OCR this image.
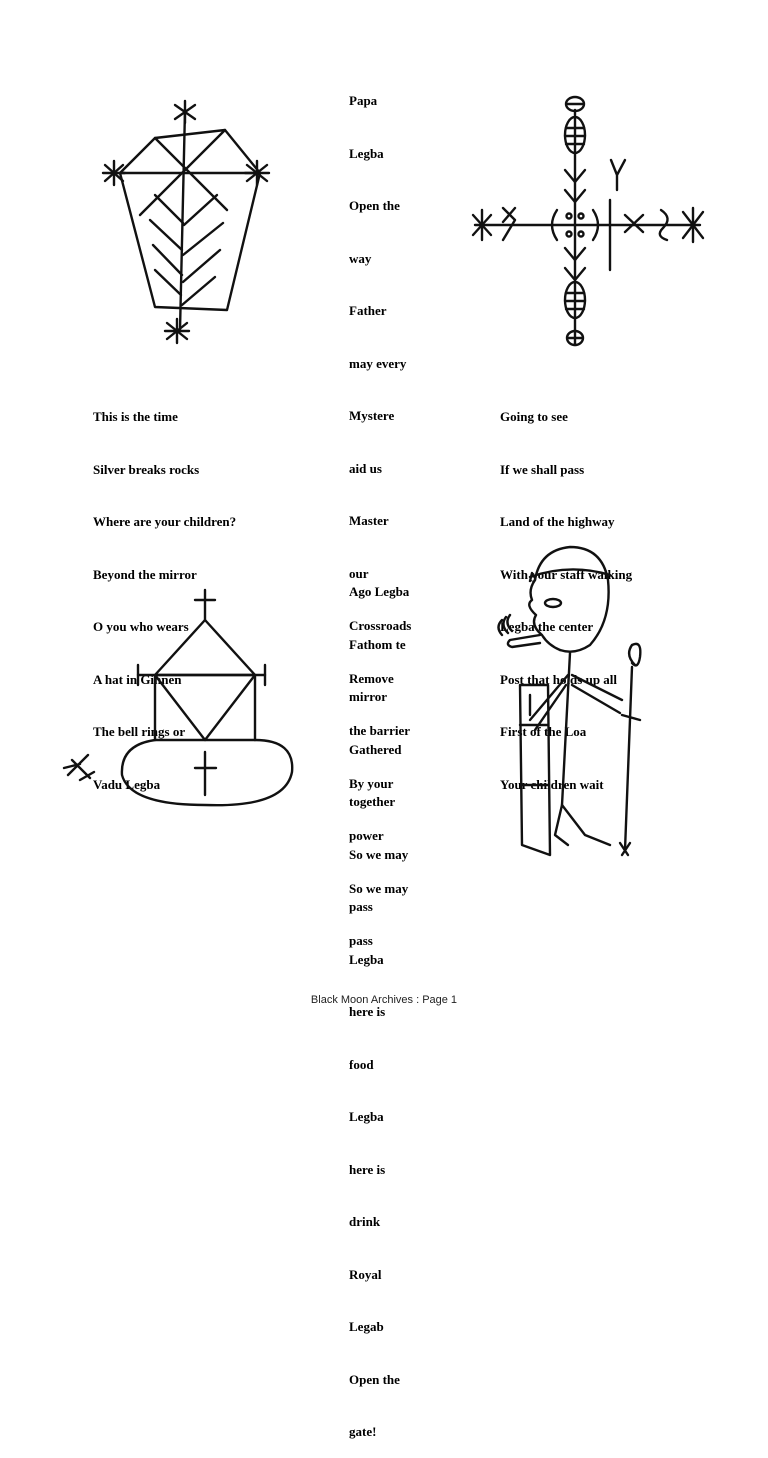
Papa

Legba

Open the

way

Father

may every

Mystere

aid us

Master

our

Crossroads

Remove

the barrier

By your

power

So we may

pass

This is the time

Silver breaks rocks

Where are your children?

Beyond the mirror

O you who wears

A hat in Ginnen

The bell rings or

Vadu Legba

Going to see

If we shall pass

Land of the highway

With your staff walking

Legba the center

Post that holds up all

First of the Loa

Your children wait

Ago Legba

Fathom te

mirror

Gathered

together

So we may

pass

Legba

here is

food

Legba

here is

drink

Royal

Legab

Open the

gate!

Black Moon Archives : Page 1
